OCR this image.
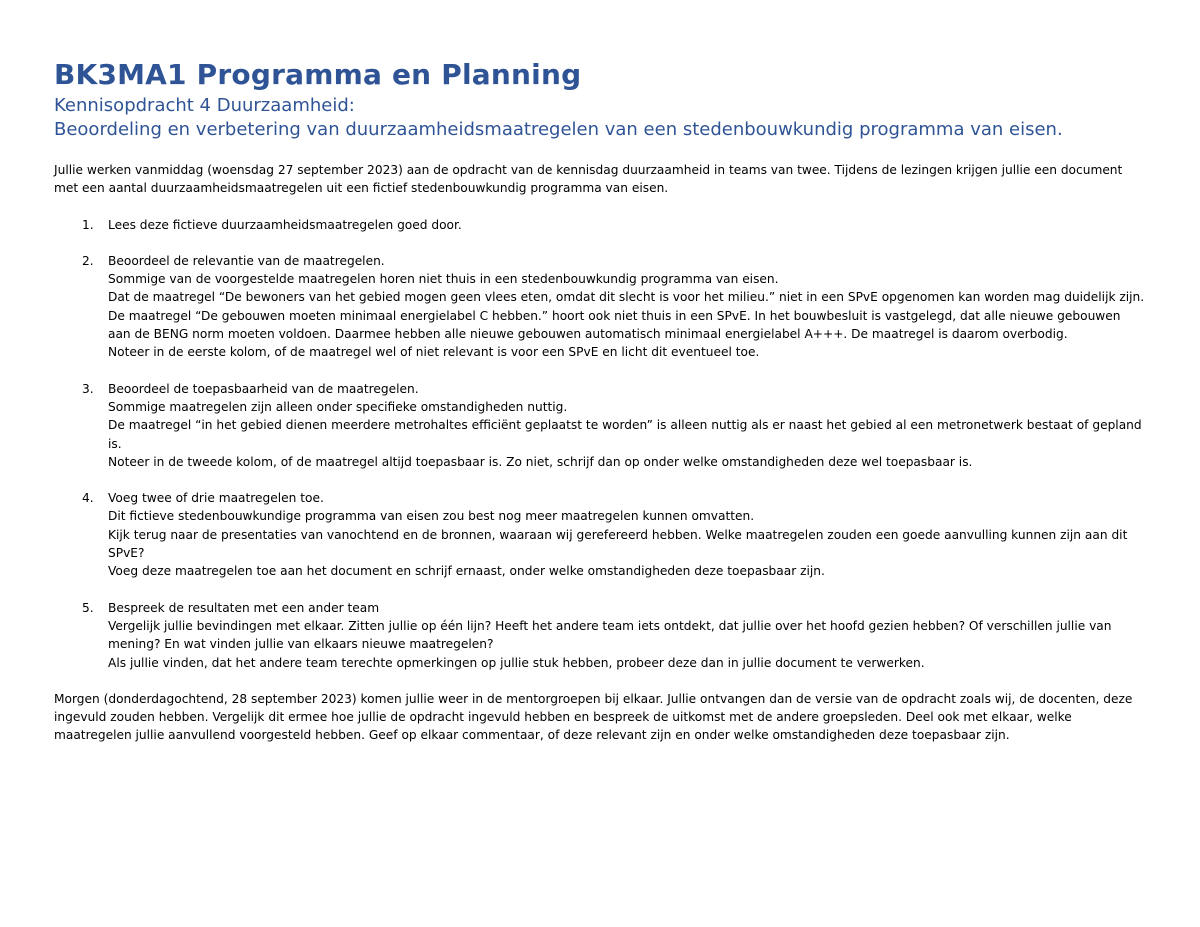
BK3MA1 Programma en Planning
Kennisopdracht 4 Duurzaamheid:
Beoordeling en verbetering van duurzaamheidsmaatregelen van een stedenbouwkundig programma van eisen.

Jullie werken vanmiddag (woensdag 27 september 2023) aan de opdracht van de kennisdag duurzaamheid in teams van twee. Tijdens de lezingen krijgen jullie een document met een aantal duurzaamheidsmaatregelen uit een fictief stedenbouwkundig programma van eisen.

1.	Lees deze fictieve duurzaamheidsmaatregelen goed door.
2.	Beoordeel de relevantie van de maatregelen.
Sommige van de voorgestelde maatregelen horen niet thuis in een stedenbouwkundig programma van eisen.
Dat de maatregel “De bewoners van het gebied mogen geen vlees eten, omdat dit slecht is voor het milieu.” niet in een SPvE opgenomen kan worden mag duidelijk zijn.
De maatregel “De gebouwen moeten minimaal energielabel C hebben.” hoort ook niet thuis in een SPvE. In het bouwbesluit is vastgelegd, dat alle nieuwe gebouwen aan de BENG norm moeten voldoen. Daarmee hebben alle nieuwe gebouwen automatisch minimaal energielabel A+++. De maatregel is daarom overbodig.
Noteer in de eerste kolom, of de maatregel wel of niet relevant is voor een SPvE en licht dit eventueel toe.
3.	Beoordeel de toepasbaarheid van de maatregelen.
Sommige maatregelen zijn alleen onder specifieke omstandigheden nuttig.
De maatregel “in het gebied dienen meerdere metrohaltes efficiënt geplaatst te worden” is alleen nuttig als er naast het gebied al een metronetwerk bestaat of gepland is.
Noteer in de tweede kolom, of de maatregel altijd toepasbaar is. Zo niet, schrijf dan op onder welke omstandigheden deze wel toepasbaar is.
4.	Voeg twee of drie maatregelen toe.
Dit fictieve stedenbouwkundige programma van eisen zou best nog meer maatregelen kunnen omvatten.
Kijk terug naar de presentaties van vanochtend en de bronnen, waaraan wij gerefereerd hebben. Welke maatregelen zouden een goede aanvulling kunnen zijn aan dit SPvE?
Voeg deze maatregelen toe aan het document en schrijf ernaast, onder welke omstandigheden deze toepasbaar zijn.
5.	Bespreek de resultaten met een ander team
Vergelijk jullie bevindingen met elkaar. Zitten jullie op één lijn? Heeft het andere team iets ontdekt, dat jullie over het hoofd gezien hebben? Of verschillen jullie van mening? En wat vinden jullie van elkaars nieuwe maatregelen?
Als jullie vinden, dat het andere team terechte opmerkingen op jullie stuk hebben, probeer deze dan in jullie document te verwerken.

Morgen (donderdagochtend, 28 september 2023) komen jullie weer in de mentorgroepen bij elkaar. Jullie ontvangen dan de versie van de opdracht zoals wij, de docenten, deze ingevuld zouden hebben. Vergelijk dit ermee hoe jullie de opdracht ingevuld hebben en bespreek de uitkomst met de andere groepsleden. Deel ook met elkaar, welke maatregelen jullie aanvullend voorgesteld hebben. Geef op elkaar commentaar, of deze relevant zijn en onder welke omstandigheden deze toepasbaar zijn.
